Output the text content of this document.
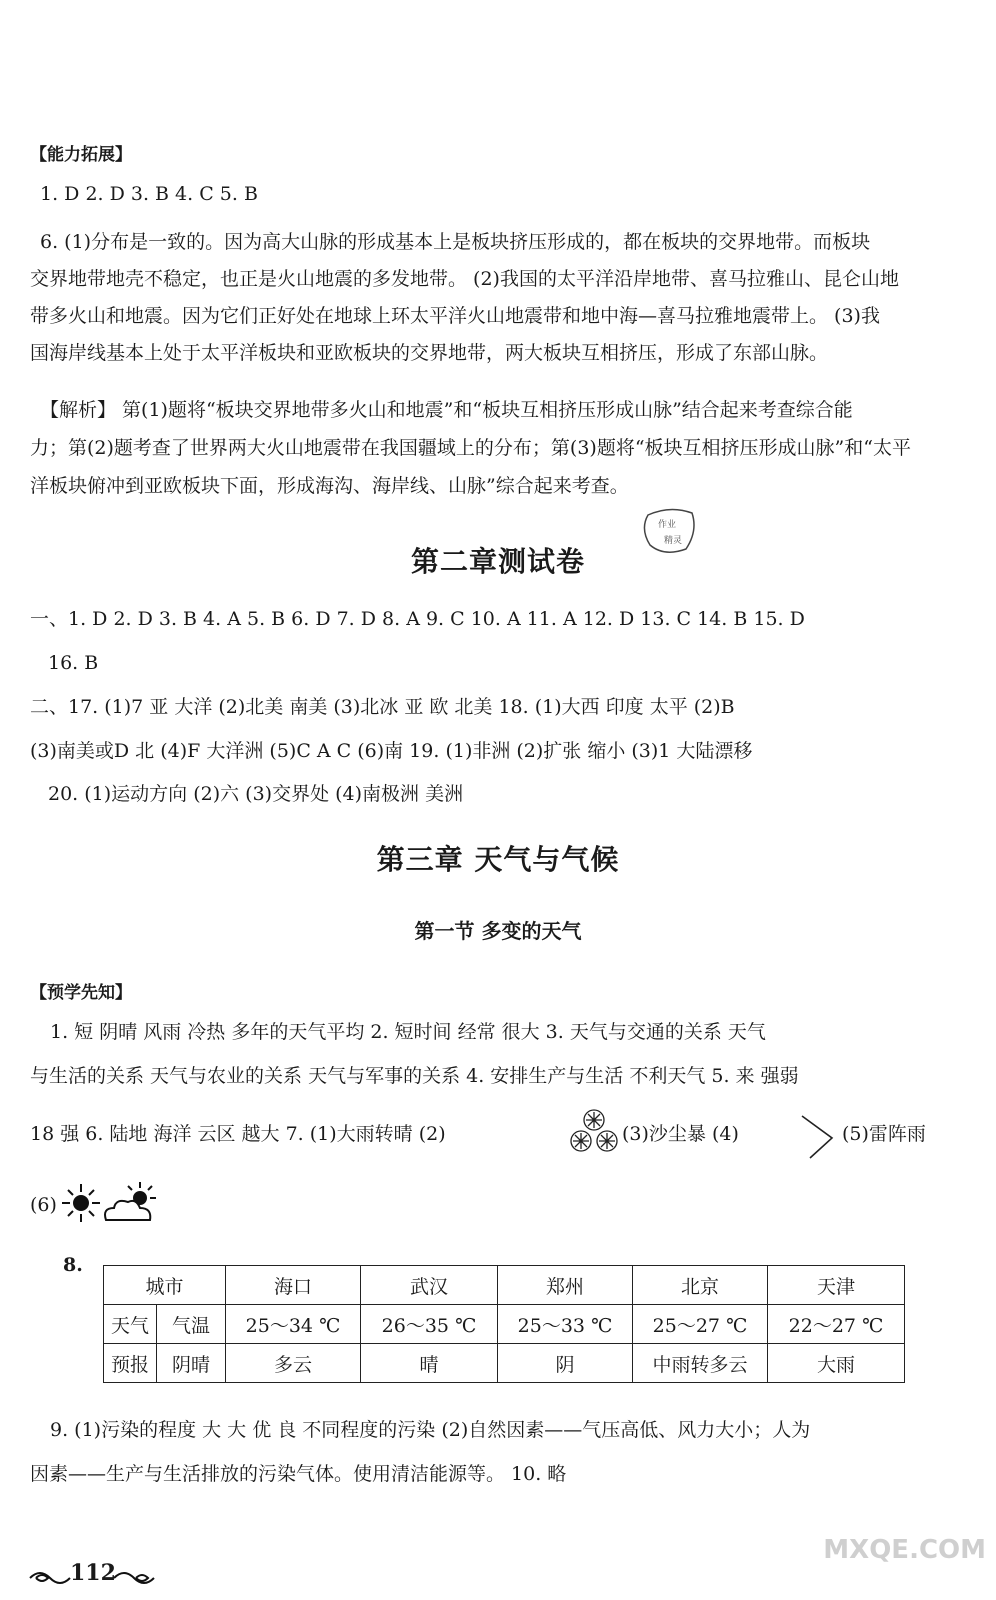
【能力拓展】
1. D 2. D 3. B 4. C 5. B
6. (1)分布是一致的。因为高大山脉的形成基本上是板块挤压形成的，都在板块的交界地带。而板块
交界地带地壳不稳定，也正是火山地震的多发地带。 (2)我国的太平洋沿岸地带、喜马拉雅山、昆仑山地
带多火山和地震。因为它们正好处在地球上环太平洋火山地震带和地中海—喜马拉雅地震带上。 (3)我
国海岸线基本上处于太平洋板块和亚欧板块的交界地带，两大板块互相挤压，形成了东部山脉。
【解析】 第(1)题将“板块交界地带多火山和地震”和“板块互相挤压形成山脉”结合起来考查综合能
力；第(2)题考查了世界两大火山地震带在我国疆域上的分布；第(3)题将“板块互相挤压形成山脉”和“太平
洋板块俯冲到亚欧板块下面，形成海沟、海岸线、山脉”综合起来考查。
作业
精灵
第二章测试卷
一、1. D 2. D 3. B 4. A 5. B 6. D 7. D 8. A 9. C 10. A 11. A 12. D 13. C 14. B 15. D
16. B
二、17. (1)7 亚 大洋 (2)北美 南美 (3)北冰 亚 欧 北美 18. (1)大西 印度 太平 (2)B
(3)南美或D 北 (4)F 大洋洲 (5)C A C (6)南 19. (1)非洲 (2)扩张 缩小 (3)1 大陆漂移
20. (1)运动方向 (2)六 (3)交界处 (4)南极洲 美洲
第三章 天气与气候
第一节 多变的天气
【预学先知】
1. 短 阴晴 风雨 冷热 多年的天气平均 2. 短时间 经常 很大 3. 天气与交通的关系 天气
与生活的关系 天气与农业的关系 天气与军事的关系 4. 安排生产与生活 不利天气 5. 来 强弱
18 强 6. 陆地 海洋 云区 越大 7. (1)大雨转晴 (2)	(3)沙尘暴 (4)	(5)雷阵雨
(6)
8.
城市		海口	武汉	郑州	北京	天津
天气	气温	25～34 ℃	26～35 ℃	25～33 ℃	25～27 ℃	22～27 ℃
预报	阴晴	多云	晴	阴	中雨转多云	大雨
9. (1)污染的程度 大 大 优 良 不同程度的污染 (2)自然因素——气压高低、风力大小；人为
因素——生产与生活排放的污染气体。使用清洁能源等。 10. 略
112
MXQE.COM
